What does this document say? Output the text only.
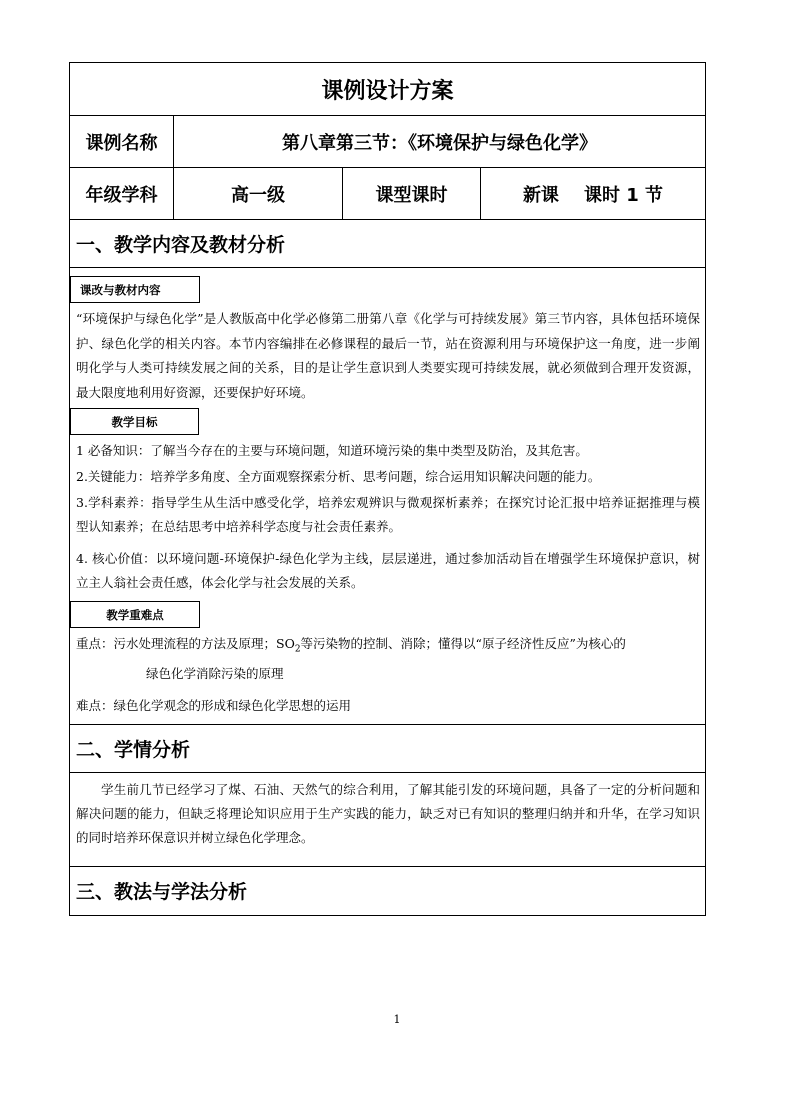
课例设计方案
课例名称	第八章第三节：《环境保护与绿色化学》
年级学科	高一级	课型课时	新课    课时 1 节
一、教学内容及教材分析
课改与教材内容

“环境保护与绿色化学”是人教版高中化学必修第二册第八章《化学与可持续发展》第三节内容，具体包括环境保护、绿色化学的相关内容。本节内容编排在必修课程的最后一节，站在资源利用与环境保护这一角度，进一步阐明化学与人类可持续发展之间的关系，目的是让学生意识到人类要实现可持续发展，就必须做到合理开发资源，最大限度地利用好资源，还要保护好环境。

教学目标

1 必备知识：了解当今存在的主要与环境问题，知道环境污染的集中类型及防治，及其危害。

2.关键能力：培养学多角度、全方面观察探索分析、思考问题，综合运用知识解决问题的能力。

3.学科素养：指导学生从生活中感受化学，培养宏观辨识与微观探析素养；在探究讨论汇报中培养证据推理与模型认知素养；在总结思考中培养科学态度与社会责任素养。

4. 核心价值：以环境问题-环境保护-绿色化学为主线，层层递进，通过参加活动旨在增强学生环境保护意识，树立主人翁社会责任感，体会化学与社会发展的关系。

教学重难点

重点：污水处理流程的方法及原理；$SO_2$等污染物的控制、消除；懂得以“原子经济性反应”为核心的

绿色化学消除污染的原理

难点：绿色化学观念的形成和绿色化学思想的运用

二、学情分析

学生前几节已经学习了煤、石油、天然气的综合利用，了解其能引发的环境问题，具备了一定的分析问题和解决问题的能力，但缺乏将理论知识应用于生产实践的能力，缺乏对已有知识的整理归纳并和升华，在学习知识的同时培养环保意识并树立绿色化学理念。

三、教法与学法分析
1
